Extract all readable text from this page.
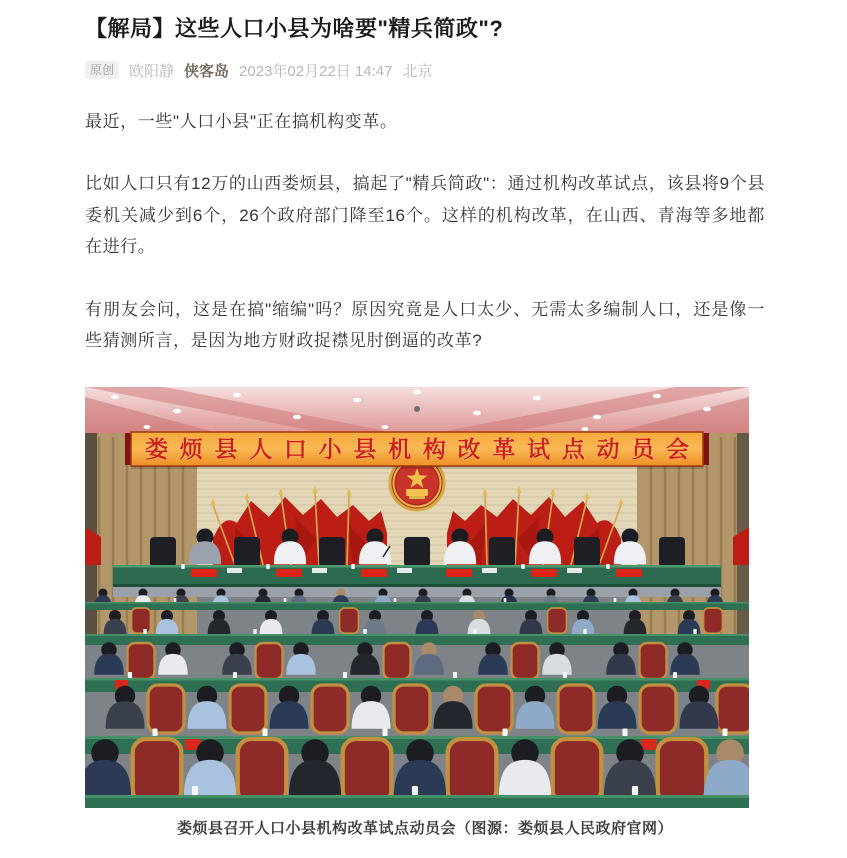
【解局】这些人口小县为啥要"精兵简政"?
原创	欧阳静 侠客岛 2023年02月22日 14:47 北京

最近，一些"人口小县"正在搞机构变革。

比如人口只有12万的山西娄烦县，搞起了"精兵简政"：通过机构改革试点，该县将9个县委机关减少到6个，26个政府部门降至16个。这样的机构改革，在山西、青海等多地都在进行。

有朋友会问，这是在搞"缩编"吗？原因究竟是人口太少、无需太多编制人口，还是像一些猜测所言，是因为地方财政捉襟见肘倒逼的改革?

娄烦县人口小县机构改革试点动员会
娄烦县召开人口小县机构改革试点动员会（图源：娄烦县人民政府官网）
